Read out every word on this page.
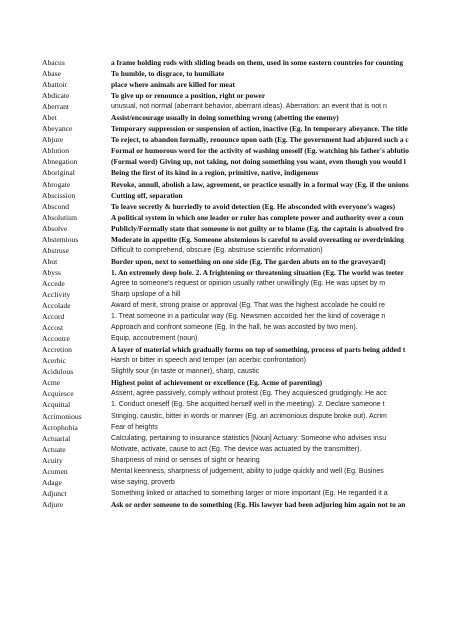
Abacus	a frame holding rods with sliding beads on them, used in some eastern countries for counting
Abase	To humble, to disgrace, to humiliate
Abattoir	place where animals are killed for meat
Abdicate	To give up or renounce a position, right or power
Aberrant	unusual, not normal (aberrant behavior, aberrant ideas). Aberration: an event that is not n
Abet	Assist/encourage usually in doing something wrong (abetting the enemy)
Abeyance	Temporary suppression or suspension of action, inactive (Eg. In temporary abeyance. The title
Abjure	To reject, to abandon formally, renounce upon oath (Eg. The government had abjured such a c
Ablution	Formal or humorous word for the activity of washing oneself (Eg. watching his father's ablutio
Abnegation	(Formal word) Giving up, not taking, not doing something you want, even though you would l
Aboriginal	Being the first of its kind in a region, primitive, native, indigenous
Abrogate	Revoke, annull, abolish a law, agreement, or practice usually in a formal way (Eg. if the unions
Abscission	Cutting off, separation
Abscond	To leave secretly & hurriedly to avoid detection (Eg. He absconded with everyone's wages)
Absolutism	A political system in which one leader or ruler has complete power and authority over a coun
Absolve	Publicly/Formally state that someone is not guilty or to blame (Eg. the captain is absolved fro
Abstemious	Moderate in appetite (Eg. Someone abstemious is careful to avoid overeating or overdrinking
Abstruse	Difficult to comprehend, obscure (Eg. abstruse scientific information)
Abut	Border upon, next to something on one side (Eg. The garden abuts on to the graveyard)
Abyss	1. An extremely deep hole. 2. A frightening or threatening situation (Eg. The world was teeter
Accede	Agree to someone's request or opinion usually rather unwillingly (Eg. He was upset by m
Acclivity	Sharp upslope of a hill
Accolade	Award of merit, strong praise or approval (Eg. That was the highest accolade he could re
Accord	1. Treat someone in a particular way (Eg. Newsmen accorded her the kind of coverage n
Accost	Approach and confront someone (Eg. In the hall, he was accosted by two men).
Accoutre	Equip, accoutrement (noun)
Accretion	A layer of material which gradually forms on top of something, process of parts being added t
Acerbic	Harsh or bitter in speech and temper (an acerbic confrontation)
Acidulous	Slightly sour (in taste or manner), sharp, caustic
Acme	Highest point of achievement or excellence (Eg. Acme of parenting)
Acquiesce	Assent, agree passively, comply without protest (Eg. They acquiesced grudgingly. He acc
Acquittal	1. Conduct oneself (Eg. She acquitted herself well in the meeting). 2. Declare someone t
Acrimonious	Stinging, caustic, bitter in words or manner (Eg. an acrimonious dispute broke out). Acrim
Acrophobia	Fear of heights
Actuarial	Calculating, pertaining to insurance statistics [Noun] Actuary: Someone who advises insu
Actuate	Motivate, activate, cause to act (Eg. The device was actuated by the transmitter).
Acuity	Sharpness of mind or senses of sight or hearing
Acumen	Mental keenness, sharpness of judgement, ability to judge quickly and well (Eg. Busines
Adage	wise saying, proverb
Adjunct	Something linked or attached to something larger or more important (Eg. He regarded it a
Adjure	Ask or order someone to do something (Eg. His lawyer had been adjuring him again not to an
